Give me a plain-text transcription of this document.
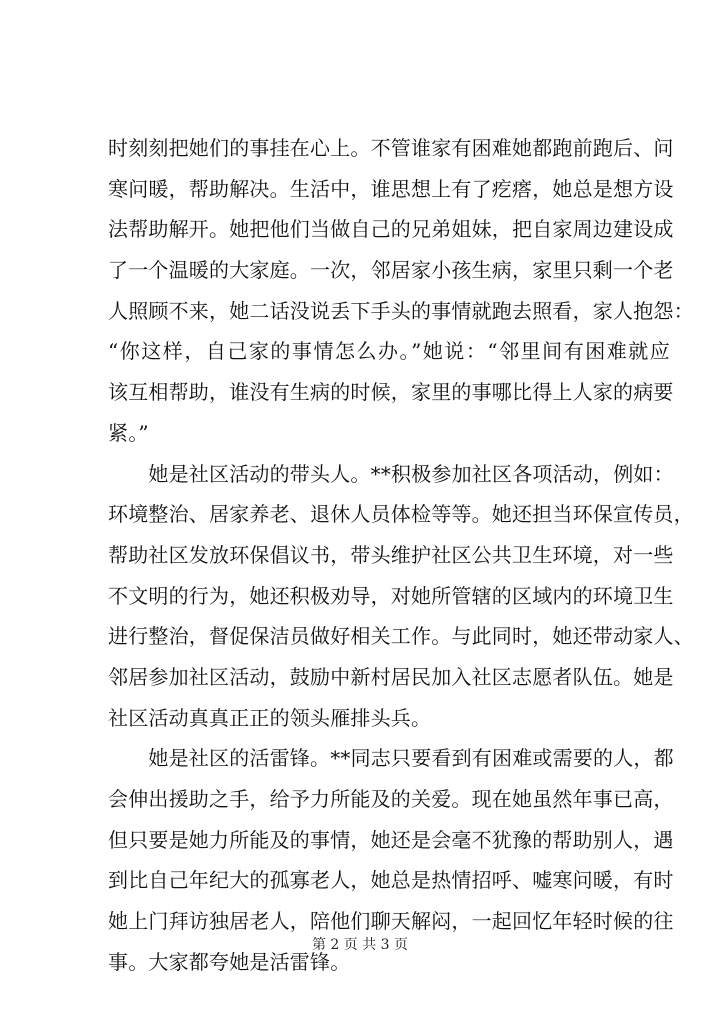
时刻刻把她们的事挂在心上。不管谁家有困难她都跑前跑后、问
寒问暖，帮助解决。生活中，谁思想上有了疙瘩，她总是想方设
法帮助解开。她把他们当做自己的兄弟姐妹，把自家周边建设成
了一个温暖的大家庭。一次，邻居家小孩生病，家里只剩一个老
人照顾不来，她二话没说丢下手头的事情就跑去照看，家人抱怨：
“你这样，自己家的事情怎么办。”她说：“邻里间有困难就应
该互相帮助，谁没有生病的时候，家里的事哪比得上人家的病要
紧。”
　　她是社区活动的带头人。**积极参加社区各项活动，例如：
环境整治、居家养老、退休人员体检等等。她还担当环保宣传员，
帮助社区发放环保倡议书，带头维护社区公共卫生环境，对一些
不文明的行为，她还积极劝导，对她所管辖的区域内的环境卫生
进行整治，督促保洁员做好相关工作。与此同时，她还带动家人、
邻居参加社区活动，鼓励中新村居民加入社区志愿者队伍。她是
社区活动真真正正的领头雁排头兵。
　　她是社区的活雷锋。**同志只要看到有困难或需要的人，都
会伸出援助之手，给予力所能及的关爱。现在她虽然年事已高，
但只要是她力所能及的事情，她还是会毫不犹豫的帮助别人，遇
到比自己年纪大的孤寡老人，她总是热情招呼、嘘寒问暖，有时
她上门拜访独居老人，陪他们聊天解闷，一起回忆年轻时候的往
事。大家都夸她是活雷锋。
第 2 页 共 3 页
